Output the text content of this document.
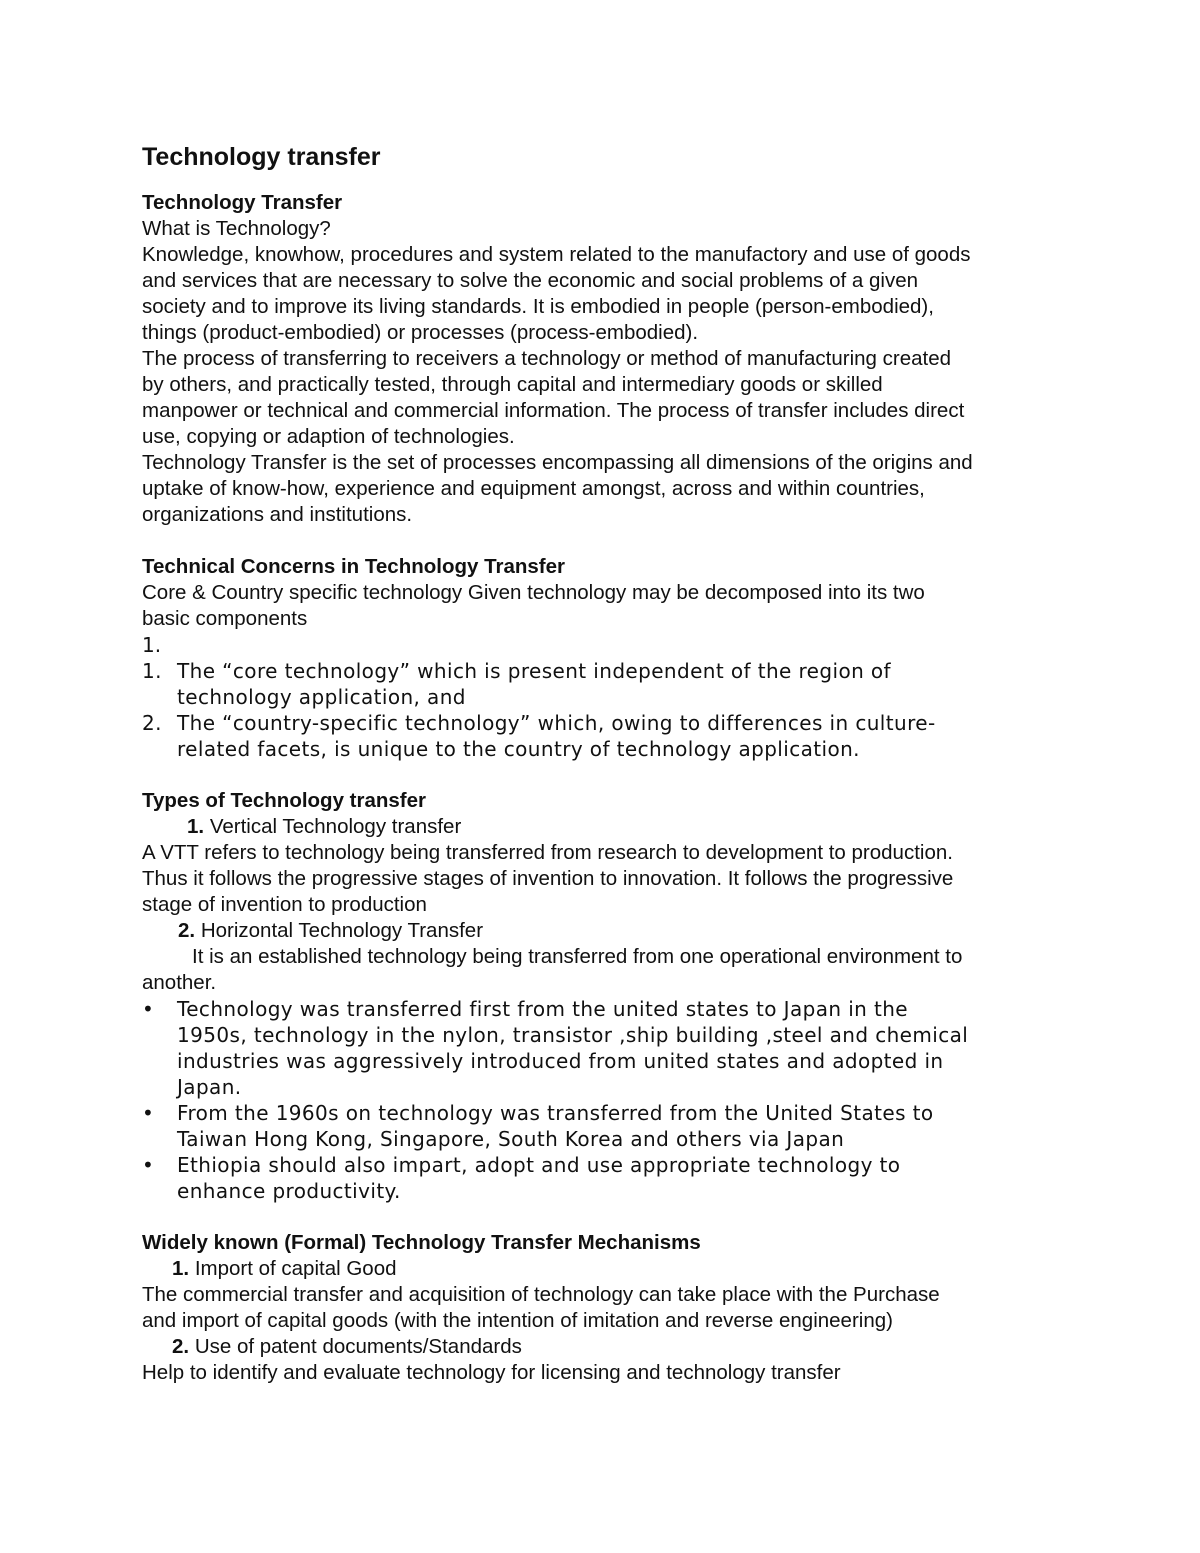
Technology transfer

Technology Transfer

What is Technology?

Knowledge, knowhow, procedures and system related to the manufactory and use of goods

and services that are necessary to solve the economic and social problems of a given

society and to improve its living standards. It is embodied in people (person-embodied),

things (product-embodied) or processes (process-embodied).

The process of transferring to receivers a technology or method of manufacturing created

by others, and practically tested, through capital and intermediary goods or skilled

manpower or technical and commercial information. The process of transfer includes direct

use, copying or adaption of technologies.

Technology Transfer is the set of processes encompassing all dimensions of the origins and

uptake of know-how, experience and equipment amongst, across and within countries,

organizations and institutions.

Technical Concerns in Technology Transfer

Core & Country specific technology Given technology may be decomposed into its two

basic components

1.

1. The “core technology” which is present independent of the region of
technology application, and
2. The “country-specific technology” which, owing to differences in culture-
related facets, is unique to the country of technology application.

Types of Technology transfer

1. Vertical Technology transfer

A VTT refers to technology being transferred from research to development to production.

Thus it follows the progressive stages of invention to innovation. It follows the progressive

stage of invention to production

2. Horizontal Technology Transfer

It is an established technology being transferred from one operational environment to

another.

• Technology was transferred first from the united states to Japan in the
1950s, technology in the nylon, transistor ,ship building ,steel and chemical
industries was aggressively introduced from united states and adopted in
Japan.
• From the 1960s on technology was transferred from the United States to
Taiwan Hong Kong, Singapore, South Korea and others via Japan
• Ethiopia should also impart, adopt and use appropriate technology to
enhance productivity.

Widely known (Formal) Technology Transfer Mechanisms

1. Import of capital Good

The commercial transfer and acquisition of technology can take place with the Purchase

and import of capital goods (with the intention of imitation and reverse engineering)

2. Use of patent documents/Standards

Help to identify and evaluate technology for licensing and technology transfer
